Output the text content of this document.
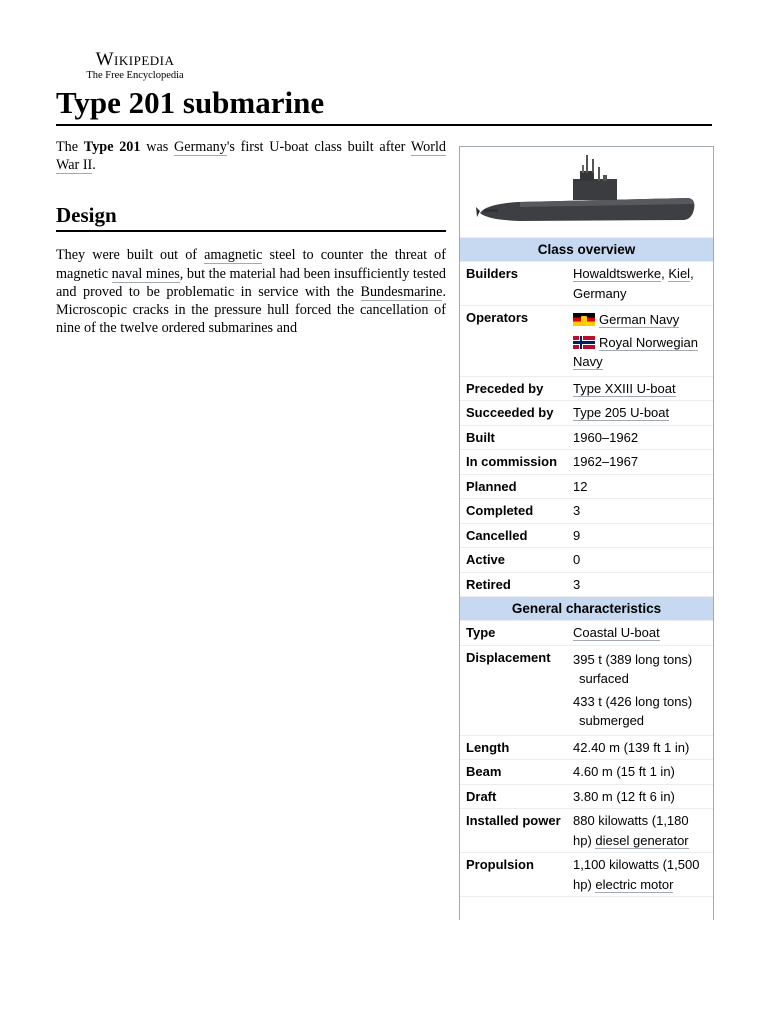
Wikipedia
The Free Encyclopedia
Type 201 submarine

The Type 201 was Germany's first U-boat class built after World War II.

Design

They were built out of amagnetic steel to counter the threat of magnetic naval mines, but the material had been insufficiently tested and proved to be problematic in service with the Bundesmarine. Microscopic cracks in the pressure hull forced the cancellation of nine of the twelve ordered submarines and

Class overview
Builders	Howaldtswerke, Kiel, Germany
Operators	German Navy
Royal Norwegian Navy
Preceded by	Type XXIII U-boat
Succeeded by	Type 205 U-boat
Built	1960–1962
In commission	1962–1967
Planned	12
Completed	3
Cancelled	9
Active	0
Retired	3
General characteristics
Type	Coastal U-boat
Displacement	395 t (389 long tons)
surfaced
433 t (426 long tons)
submerged
Length	42.40 m (139 ft 1 in)
Beam	4.60 m (15 ft 1 in)
Draft	3.80 m (12 ft 6 in)
Installed power 880 kilowatts (1,180 hp) diesel generator
Propulsion	1,100 kilowatts (1,500 hp) electric motor
